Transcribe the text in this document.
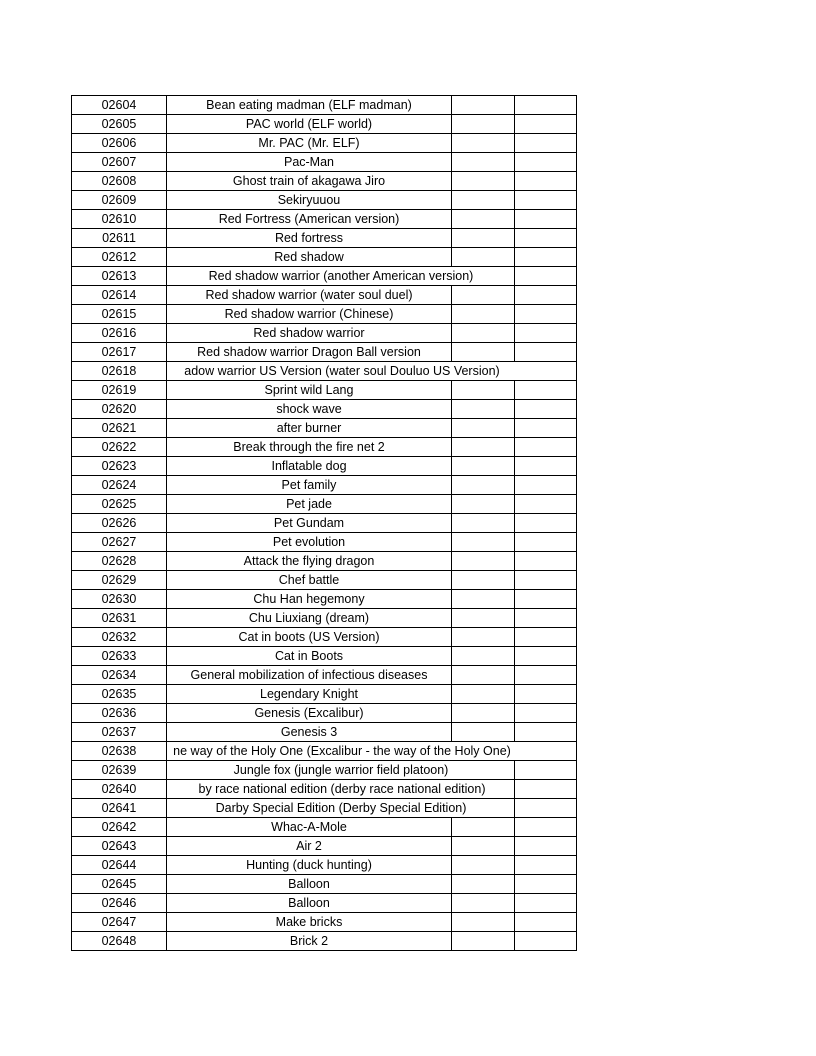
02604	Bean eating madman (ELF madman)
02605	PAC world (ELF world)
02606	Mr. PAC (Mr. ELF)
02607	Pac-Man
02608	Ghost train of akagawa Jiro
02609	Sekiryuuou
02610	Red Fortress (American version)
02611	Red fortress
02612	Red shadow
02613	Red shadow warrior (another American version)
02614	Red shadow warrior (water soul duel)
02615	Red shadow warrior (Chinese)
02616	Red shadow warrior
02617	Red shadow warrior Dragon Ball version
02618	adow warrior US Version (water soul Douluo US Version)
02619	Sprint wild Lang
02620	shock wave
02621	after burner
02622	Break through the fire net 2
02623	Inflatable dog
02624	Pet family
02625	Pet jade
02626	Pet Gundam
02627	Pet evolution
02628	Attack the flying dragon
02629	Chef battle
02630	Chu Han hegemony
02631	Chu Liuxiang (dream)
02632	Cat in boots (US Version)
02633	Cat in Boots
02634	General mobilization of infectious diseases
02635	Legendary Knight
02636	Genesis (Excalibur)
02637	Genesis 3
02638	ne way of the Holy One (Excalibur - the way of the Holy One)
02639	Jungle fox (jungle warrior field platoon)
02640	by race national edition (derby race national edition)
02641	Darby Special Edition (Derby Special Edition)
02642	Whac-A-Mole
02643	Air 2
02644	Hunting (duck hunting)
02645	Balloon
02646	Balloon
02647	Make bricks
02648	Brick 2
